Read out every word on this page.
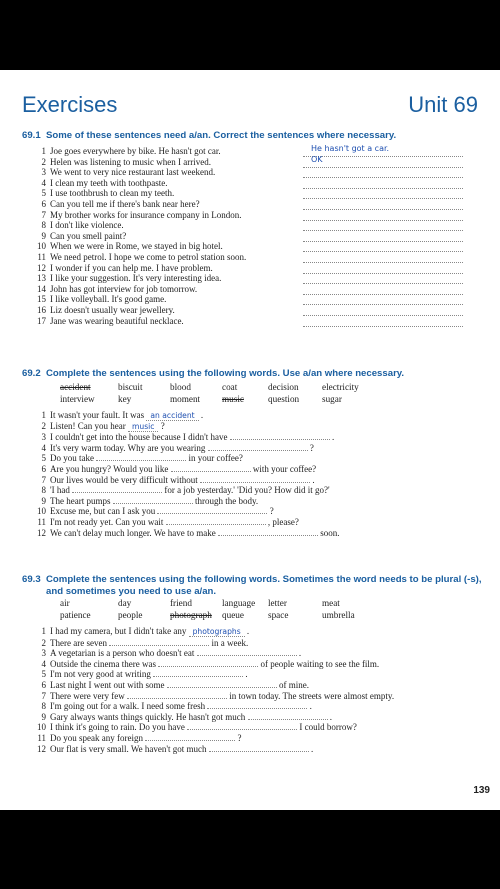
Exercises	Unit 69
69.1 Some of these sentences need a/an. Correct the sentences where necessary.
1 Joe goes everywhere by bike. He hasn't got car.	He hasn't got a car.
2 Helen was listening to music when I arrived.	OK
3 We went to very nice restaurant last weekend.
4 I clean my teeth with toothpaste.
5 I use toothbrush to clean my teeth.
6 Can you tell me if there's bank near here?
7 My brother works for insurance company in London.
8 I don't like violence.
9 Can you smell paint?
10 When we were in Rome, we stayed in big hotel.
11 We need petrol. I hope we come to petrol station soon.
12 I wonder if you can help me. I have problem.
13 I like your suggestion. It's very interesting idea.
14 John has got interview for job tomorrow.
15 I like volleyball. It's good game.
16 Liz doesn't usually wear jewellery.
17 Jane was wearing beautiful necklace.
69.2 Complete the sentences using the following words. Use a/an where necessary.
accident	biscuit	blood	coat	decision	electricity
interview	key	moment music	question sugar
1 It wasn't your fault. It was an accident .
2 Listen! Can you hear music ?
3 I couldn't get into the house because I didn't have	.
4 It's very warm today. Why are you wearing	?
5 Do you take	in your coffee?
6 Are you hungry? Would you like	with your coffee?
7 Our lives would be very difficult without	.
8 'I had	for a job yesterday.' 'Did you? How did it go?'
9 The heart pumps	through the body.
10 Excuse me, but can I ask you	?
11 I'm not ready yet. Can you wait	, please?
12 We can't delay much longer. We have to make	soon.
69.3 Complete the sentences using the following words. Sometimes the word needs to be plural (-s),
and sometimes you need to use a/an.
air	day	friend	language letter	meat
patience	people	photograph queue	space	umbrella
1 I had my camera, but I didn't take any photographs .
2 There are seven	in a week.
3 A vegetarian is a person who doesn't eat	.
4 Outside the cinema there was	of people waiting to see the film.
5 I'm not very good at writing	.
6 Last night I went out with some	of mine.
7 There were very few	in town today. The streets were almost empty.
8 I'm going out for a walk. I need some fresh	.
9 Gary always wants things quickly. He hasn't got much	.
10 I think it's going to rain. Do you have	I could borrow?
11 Do you speak any foreign	?
12 Our flat is very small. We haven't got much	.
139
